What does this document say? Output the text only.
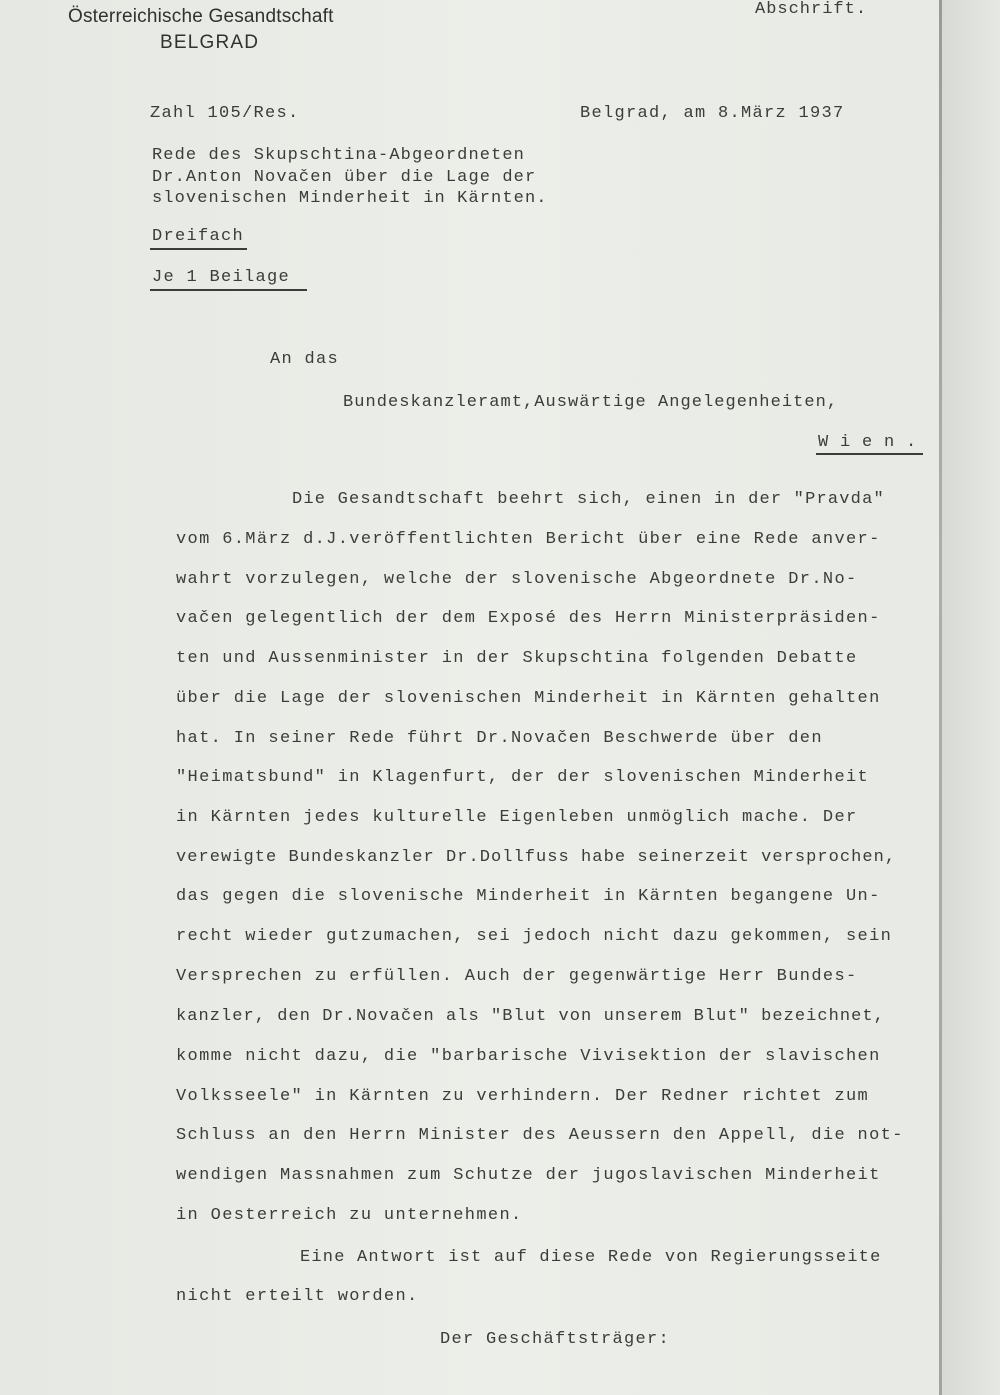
Österreichische Gesandtschaft
BELGRAD
Abschrift.
Zahl 105/Res.	Belgrad, am 8.März 1937
Rede des Skupschtina-Abgeordneten
Dr.Anton Novačen über die Lage der
slovenischen Minderheit in Kärnten.
Dreifach
Je 1 Beilage
An das
Bundeskanzleramt,Auswärtige Angelegenheiten,
W i e n .
Die Gesandtschaft beehrt sich, einen in der "Pravda"
vom 6.März d.J.veröffentlichten Bericht über eine Rede anver-
wahrt vorzulegen, welche der slovenische Abgeordnete Dr.No-
vačen gelegentlich der dem Exposé des Herrn Ministerpräsiden-
ten und Aussenminister in der Skupschtina folgenden Debatte
über die Lage der slovenischen Minderheit in Kärnten gehalten
hat. In seiner Rede führt Dr.Novačen Beschwerde über den
"Heimatsbund" in Klagenfurt, der der slovenischen Minderheit
in Kärnten jedes kulturelle Eigenleben unmöglich mache. Der
verewigte Bundeskanzler Dr.Dollfuss habe seinerzeit versprochen,
das gegen die slovenische Minderheit in Kärnten begangene Un-
recht wieder gutzumachen, sei jedoch nicht dazu gekommen, sein
Versprechen zu erfüllen. Auch der gegenwärtige Herr Bundes-
kanzler, den Dr.Novačen als "Blut von unserem Blut" bezeichnet,
komme nicht dazu, die "barbarische Vivisektion der slavischen
Volksseele" in Kärnten zu verhindern. Der Redner richtet zum
Schluss an den Herrn Minister des Aeussern den Appell, die not-
wendigen Massnahmen zum Schutze der jugoslavischen Minderheit
in Oesterreich zu unternehmen.
Eine Antwort ist auf diese Rede von Regierungsseite
nicht erteilt worden.
Der Geschäftsträger:
